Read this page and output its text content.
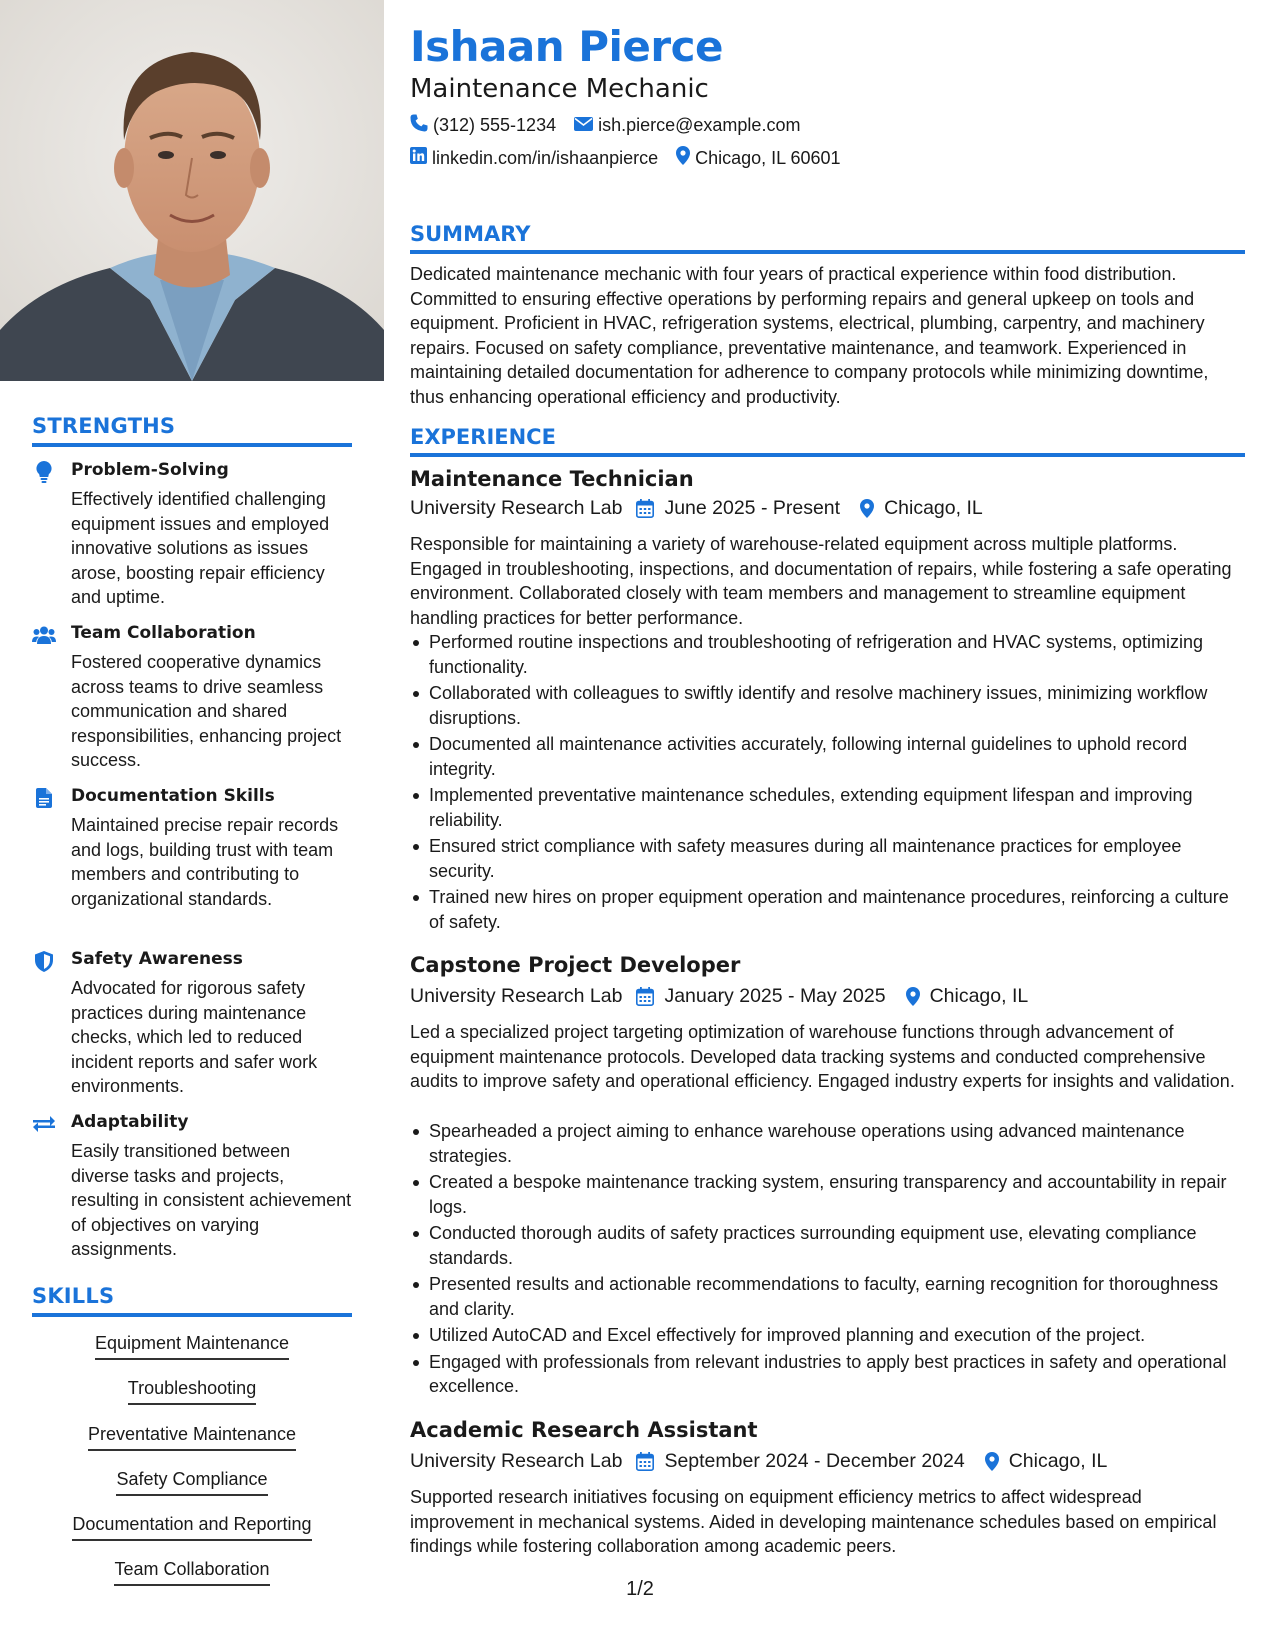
STRENGTHS
Problem-Solving
Effectively identified challenging equipment issues and employed innovative solutions as issues arose, boosting repair efficiency and uptime.
Team Collaboration
Fostered cooperative dynamics across teams to drive seamless communication and shared responsibilities, enhancing project success.
Documentation Skills
Maintained precise repair records and logs, building trust with team members and contributing to organizational standards.
Safety Awareness
Advocated for rigorous safety practices during maintenance checks, which led to reduced incident reports and safer work environments.
Adaptability
Easily transitioned between diverse tasks and projects, resulting in consistent achievement of objectives on varying assignments.
SKILLS
Equipment Maintenance
Troubleshooting
Preventative Maintenance
Safety Compliance
Documentation and Reporting
Team Collaboration
Ishaan Pierce
Maintenance Mechanic
(312) 555-1234 ish.pierce@example.com
linkedin.com/in/ishaanpierce Chicago, IL 60601
SUMMARY
Dedicated maintenance mechanic with four years of practical experience within food distribution. Committed to ensuring effective operations by performing repairs and general upkeep on tools and equipment. Proficient in HVAC, refrigeration systems, electrical, plumbing, carpentry, and machinery repairs. Focused on safety compliance, preventative maintenance, and teamwork. Experienced in maintaining detailed documentation for adherence to company protocols while minimizing downtime, thus enhancing operational efficiency and productivity.
EXPERIENCE
Maintenance Technician
University Research Lab June 2025 - Present Chicago, IL
Responsible for maintaining a variety of warehouse-related equipment across multiple platforms. Engaged in troubleshooting, inspections, and documentation of repairs, while fostering a safe operating environment. Collaborated closely with team members and management to streamline equipment handling practices for better performance.
Performed routine inspections and troubleshooting of refrigeration and HVAC systems, optimizing functionality.
Collaborated with colleagues to swiftly identify and resolve machinery issues, minimizing workflow disruptions.
Documented all maintenance activities accurately, following internal guidelines to uphold record integrity.
Implemented preventative maintenance schedules, extending equipment lifespan and improving reliability.
Ensured strict compliance with safety measures during all maintenance practices for employee security.
Trained new hires on proper equipment operation and maintenance procedures, reinforcing a culture of safety.
Capstone Project Developer
University Research Lab January 2025 - May 2025 Chicago, IL
Led a specialized project targeting optimization of warehouse functions through advancement of equipment maintenance protocols. Developed data tracking systems and conducted comprehensive audits to improve safety and operational efficiency. Engaged industry experts for insights and validation.
Spearheaded a project aiming to enhance warehouse operations using advanced maintenance strategies.
Created a bespoke maintenance tracking system, ensuring transparency and accountability in repair logs.
Conducted thorough audits of safety practices surrounding equipment use, elevating compliance standards.
Presented results and actionable recommendations to faculty, earning recognition for thoroughness and clarity.
Utilized AutoCAD and Excel effectively for improved planning and execution of the project.
Engaged with professionals from relevant industries to apply best practices in safety and operational excellence.
Academic Research Assistant
University Research Lab September 2024 - December 2024 Chicago, IL
Supported research initiatives focusing on equipment efficiency metrics to affect widespread improvement in mechanical systems. Aided in developing maintenance schedules based on empirical findings while fostering collaboration among academic peers.
1/2
